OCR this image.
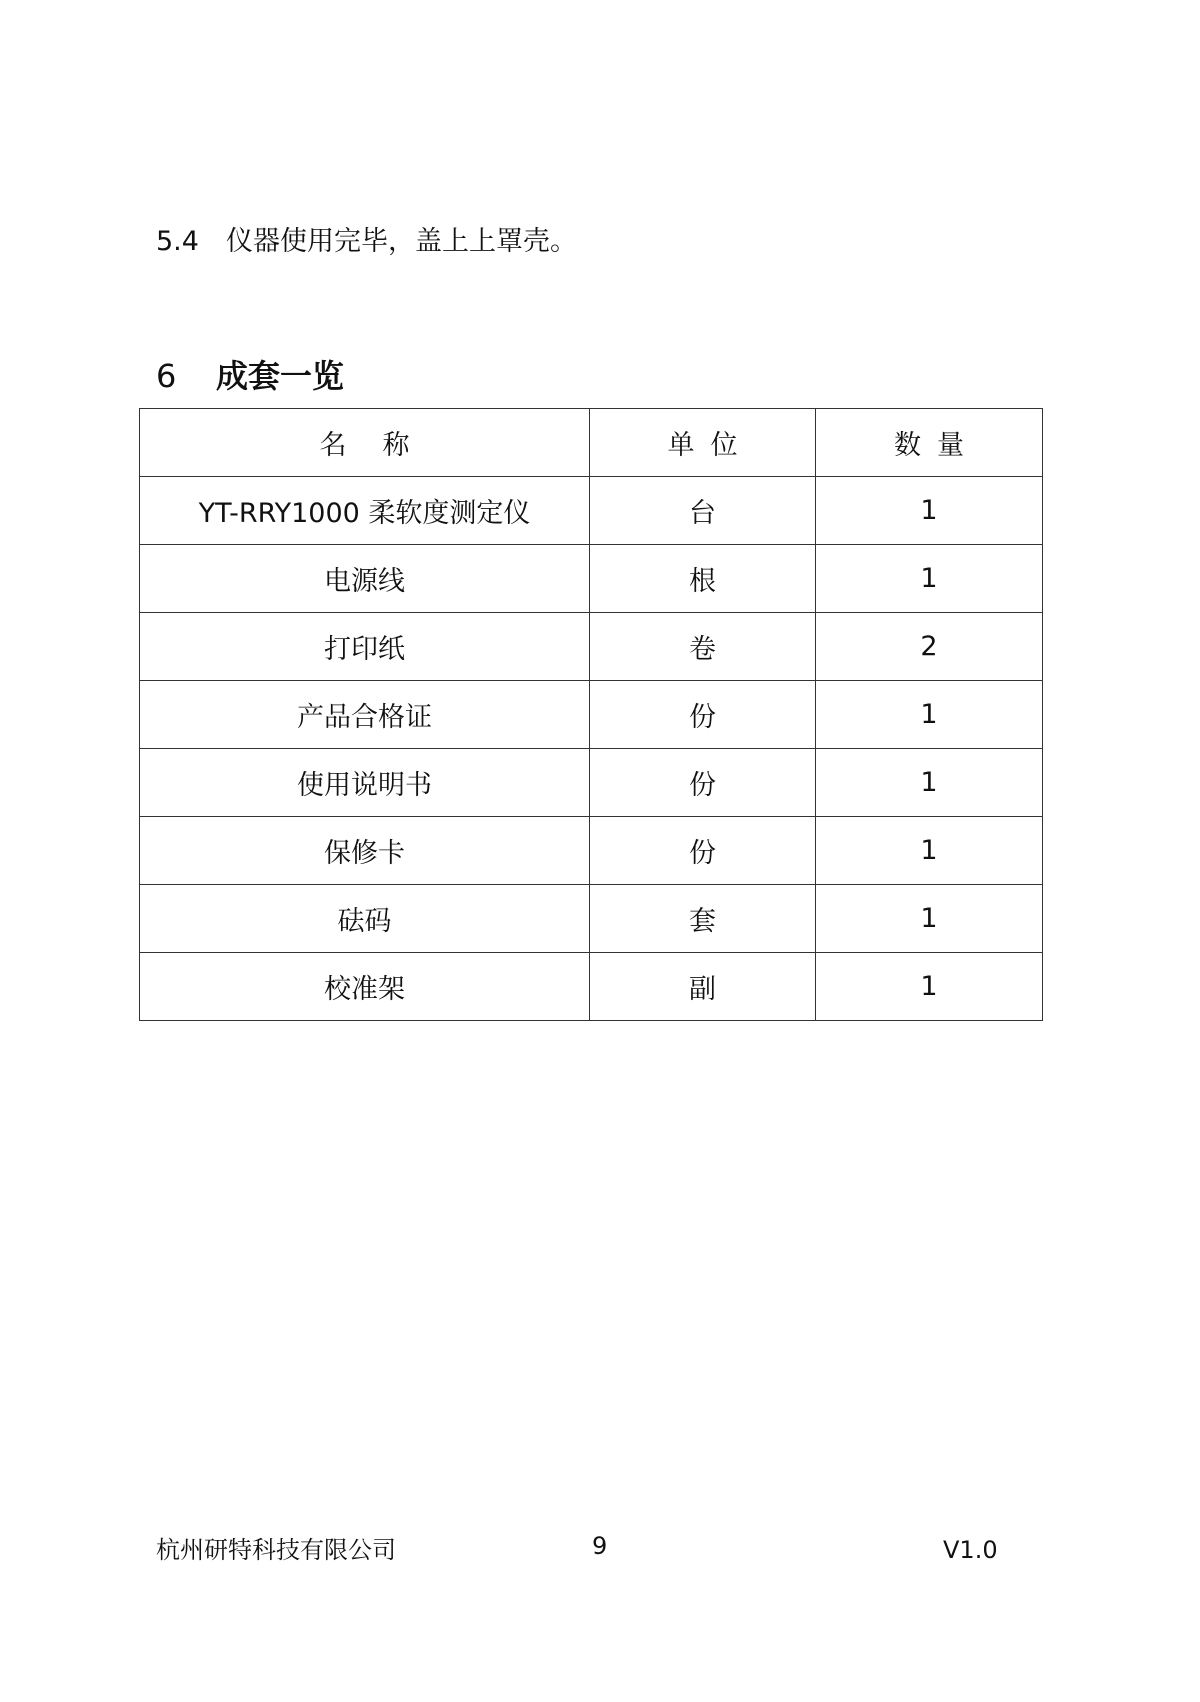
5.4 仪器使用完毕，盖上上罩壳。
6 成套一览
名称	单位	数量
YT-RRY1000 柔软度测定仪	台	1
电源线	根	1
打印纸	卷	2
产品合格证	份	1
使用说明书	份	1
保修卡	份	1
砝码	套	1
校准架	副	1
杭州研特科技有限公司	9	V1.0
